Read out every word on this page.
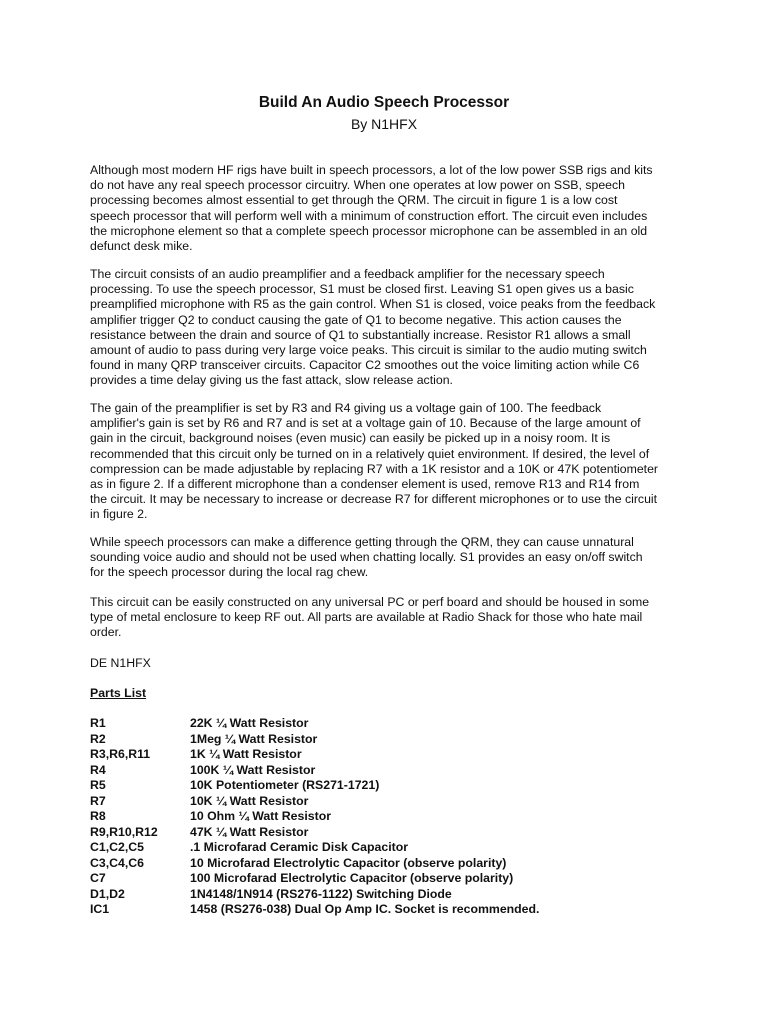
Build An Audio Speech Processor
By N1HFX
Although most modern HF rigs have built in speech processors, a lot of the low power SSB rigs and kits
do not have any real speech processor circuitry. When one operates at low power on SSB, speech
processing becomes almost essential to get through the QRM. The circuit in figure 1 is a low cost
speech processor that will perform well with a minimum of construction effort. The circuit even includes
the microphone element so that a complete speech processor microphone can be assembled in an old
defunct desk mike.
The circuit consists of an audio preamplifier and a feedback amplifier for the necessary speech
processing. To use the speech processor, S1 must be closed first. Leaving S1 open gives us a basic
preamplified microphone with R5 as the gain control. When S1 is closed, voice peaks from the feedback
amplifier trigger Q2 to conduct causing the gate of Q1 to become negative. This action causes the
resistance between the drain and source of Q1 to substantially increase. Resistor R1 allows a small
amount of audio to pass during very large voice peaks. This circuit is similar to the audio muting switch
found in many QRP transceiver circuits. Capacitor C2 smoothes out the voice limiting action while C6
provides a time delay giving us the fast attack, slow release action.
The gain of the preamplifier is set by R3 and R4 giving us a voltage gain of 100. The feedback
amplifier's gain is set by R6 and R7 and is set at a voltage gain of 10. Because of the large amount of
gain in the circuit, background noises (even music) can easily be picked up in a noisy room. It is
recommended that this circuit only be turned on in a relatively quiet environment. If desired, the level of
compression can be made adjustable by replacing R7 with a 1K resistor and a 10K or 47K potentiometer
as in figure 2. If a different microphone than a condenser element is used, remove R13 and R14 from
the circuit. It may be necessary to increase or decrease R7 for different microphones or to use the circuit
in figure 2.
While speech processors can make a difference getting through the QRM, they can cause unnatural
sounding voice audio and should not be used when chatting locally. S1 provides an easy on/off switch
for the speech processor during the local rag chew.
This circuit can be easily constructed on any universal PC or perf board and should be housed in some
type of metal enclosure to keep RF out. All parts are available at Radio Shack for those who hate mail
order.
DE N1HFX
Parts List
R1	22K ¼ Watt Resistor
R2	1Meg ¼ Watt Resistor
R3,R6,R11	1K ¼ Watt Resistor
R4	100K ¼ Watt Resistor
R5	10K Potentiometer (RS271-1721)
R7	10K ¼ Watt Resistor
R8	10 Ohm ¼ Watt Resistor
R9,R10,R12	47K ¼ Watt Resistor
C1,C2,C5	.1 Microfarad Ceramic Disk Capacitor
C3,C4,C6	10 Microfarad Electrolytic Capacitor (observe polarity)
C7	100 Microfarad Electrolytic Capacitor (observe polarity)
D1,D2	1N4148/1N914 (RS276-1122) Switching Diode
IC1	1458 (RS276-038) Dual Op Amp IC. Socket is recommended.
